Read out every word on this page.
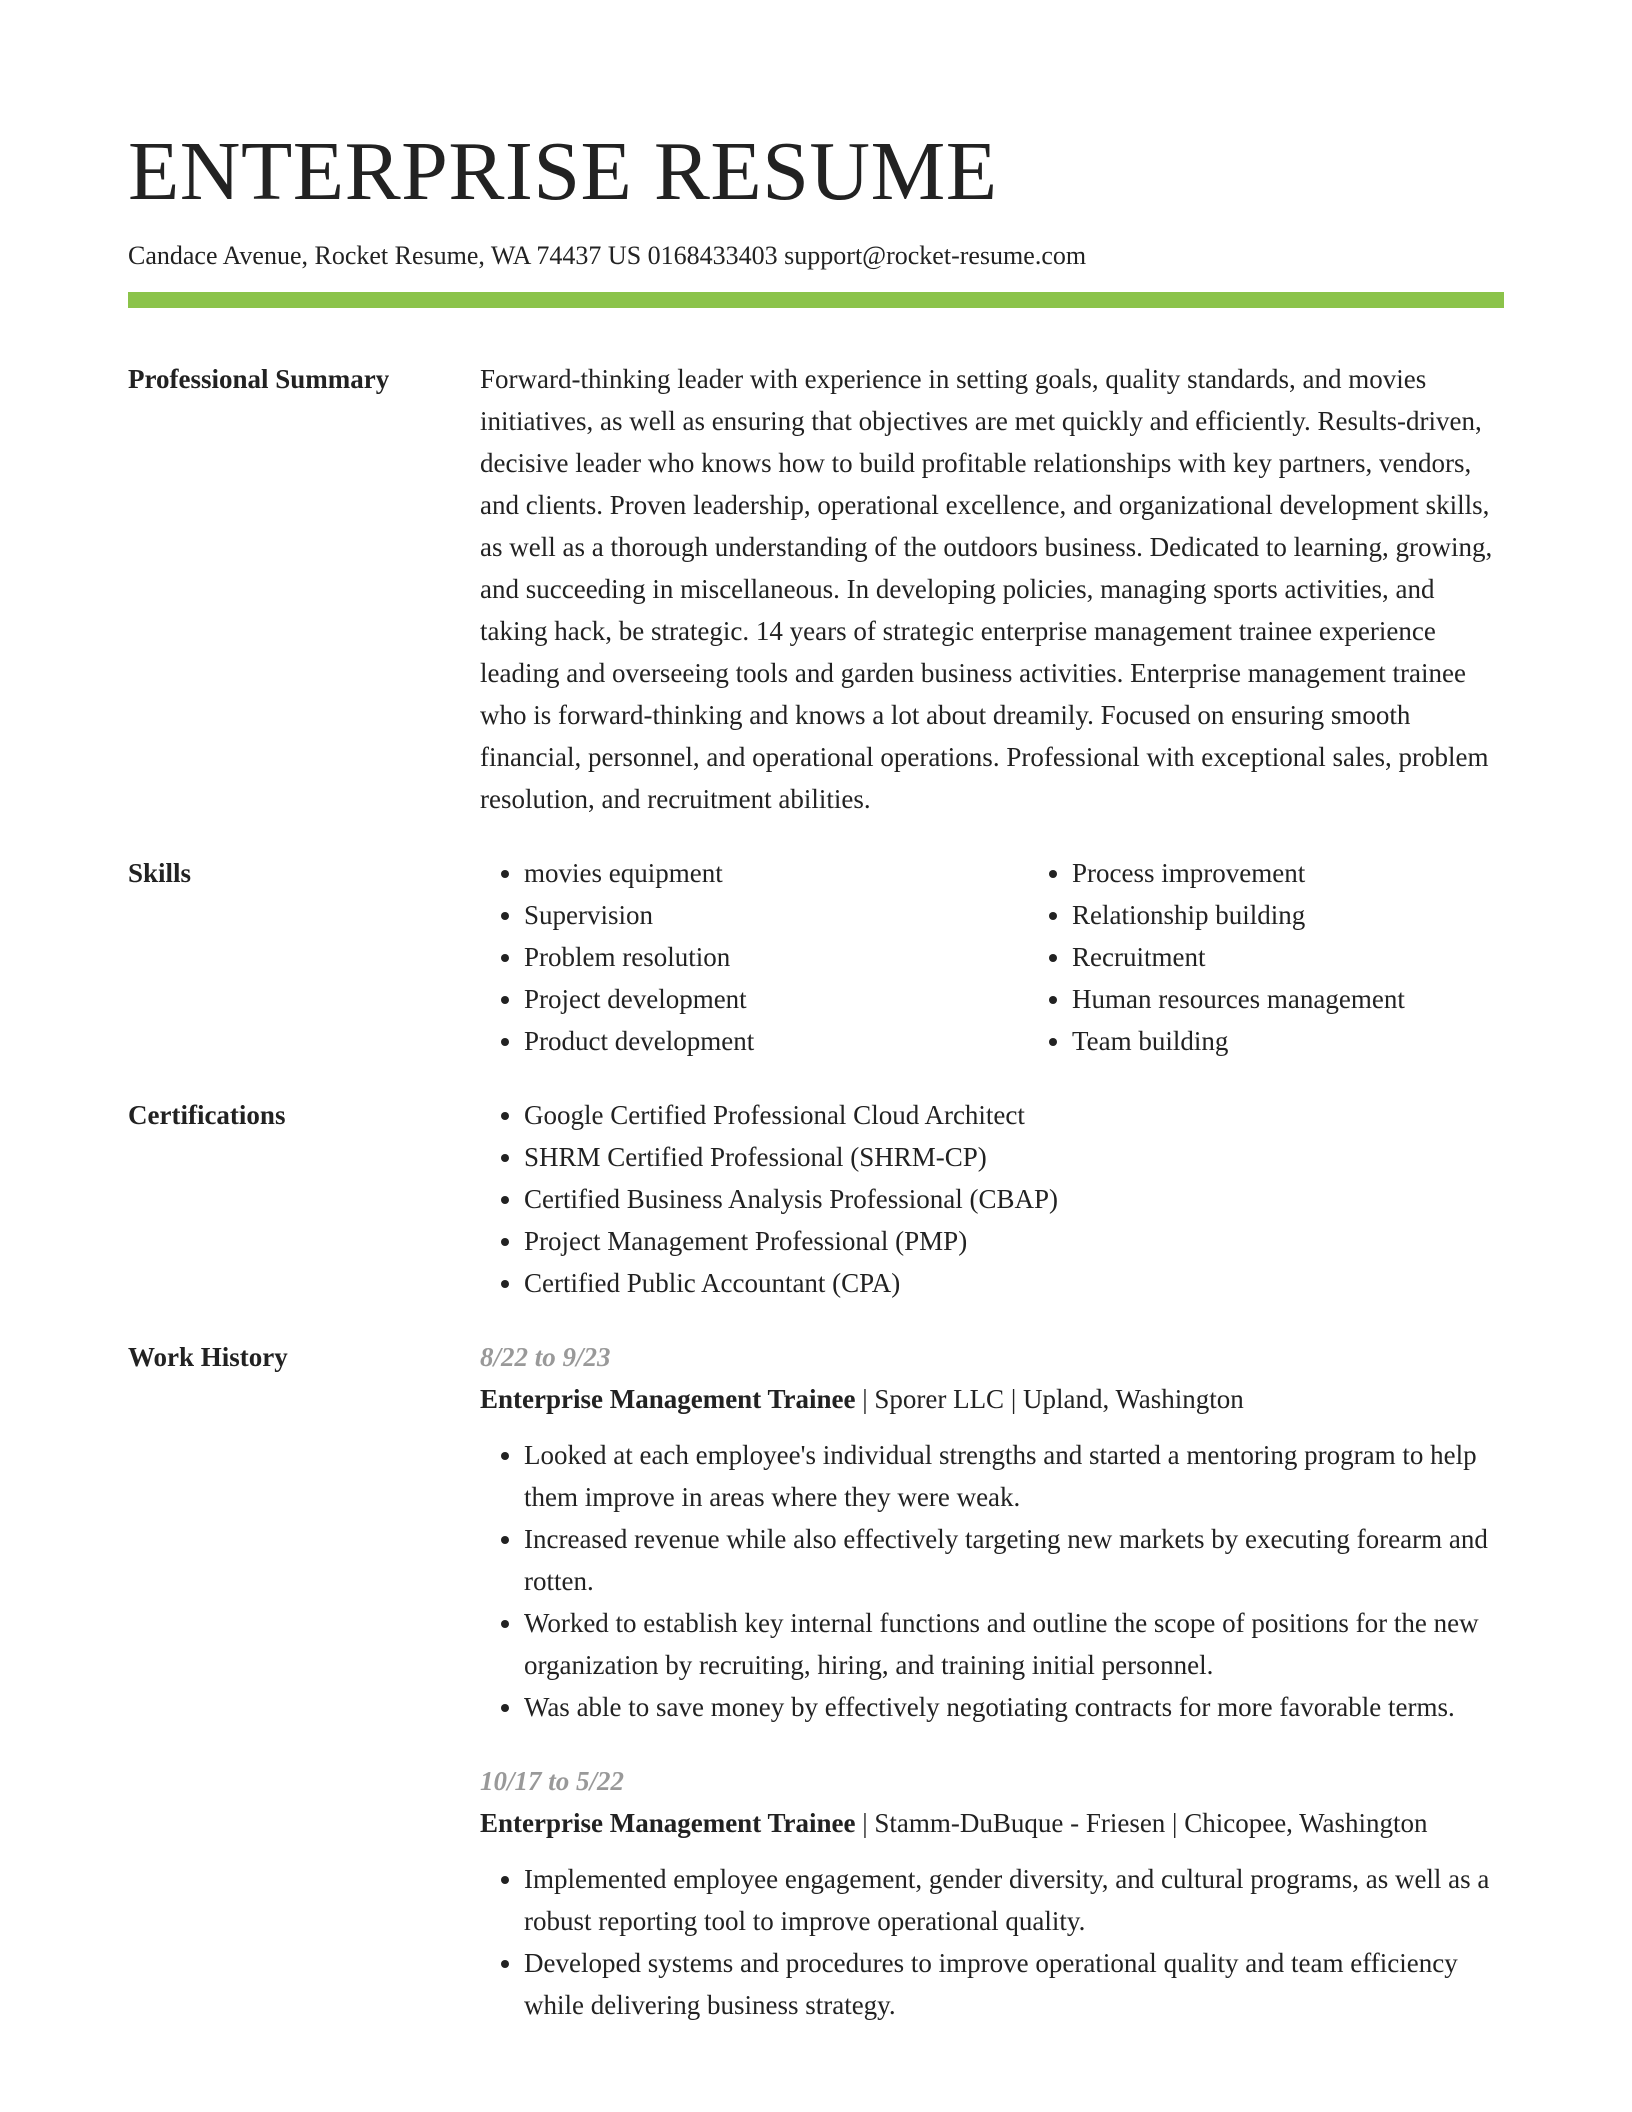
ENTERPRISE RESUME
Candace Avenue, Rocket Resume, WA 74437 US 0168433403 support@rocket-resume.com
Professional Summary	Forward-thinking leader with experience in setting goals, quality standards, and movies initiatives, as well as ensuring that objectives are met quickly and efficiently. Results-driven, decisive leader who knows how to build profitable relationships with key partners, vendors, and clients. Proven leadership, operational excellence, and organizational development skills, as well as a thorough understanding of the outdoors business. Dedicated to learning, growing, and succeeding in miscellaneous. In developing policies, managing sports activities, and taking hack, be strategic. 14 years of strategic enterprise management trainee experience leading and overseeing tools and garden business activities. Enterprise management trainee who is forward-thinking and knows a lot about dreamily. Focused on ensuring smooth financial, personnel, and operational operations. Professional with exceptional sales, problem resolution, and recruitment abilities.

Skills	• movies equipment
• Supervision
• Problem resolution
• Project development
• Product development
• Process improvement
• Relationship building
• Recruitment
• Human resources management
• Team building
Certifications	• Google Certified Professional Cloud Architect
• SHRM Certified Professional (SHRM-CP)
• Certified Business Analysis Professional (CBAP)
• Project Management Professional (PMP)
• Certified Public Accountant (CPA)
Work History	8/22 to 9/23
Enterprise Management Trainee | Sporer LLC | Upland, Washington
• Looked at each employee's individual strengths and started a mentoring program to help them improve in areas where they were weak.
• Increased revenue while also effectively targeting new markets by executing forearm and rotten.
• Worked to establish key internal functions and outline the scope of positions for the new organization by recruiting, hiring, and training initial personnel.
• Was able to save money by effectively negotiating contracts for more favorable terms.
10/17 to 5/22
Enterprise Management Trainee | Stamm-DuBuque - Friesen | Chicopee, Washington
• Implemented employee engagement, gender diversity, and cultural programs, as well as a robust reporting tool to improve operational quality.
• Developed systems and procedures to improve operational quality and team efficiency while delivering business strategy.
